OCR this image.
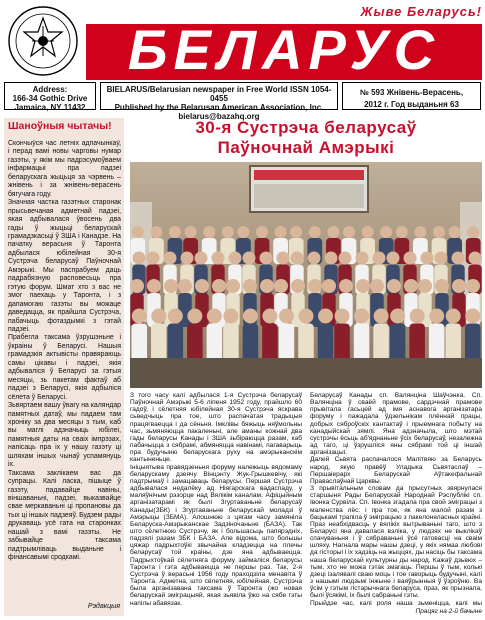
Жыве Беларусь!
БЕЛАРУС
Address:
166-34 Gothic Drive
Jamaica, NY 11432
BIELARUS/Belarusian newspaper in Free World ISSN 1054-0455
Published by the Belarusan American Association, Inc.
bielarus@bazahq.org
№ 593 Жнівень-Верасень,
2012 г. Год выданьня 63
Шаноўныя чытачы!
Скончыўся час летніх адпачынкаў, і перад вамі новы чарговы нумар газэты, у якім мы падрэсумоўваем інфармацыі пра падзеі беларускага жыцьця за чэрвень – жнівень і за жнівень-верасень бягучага году.
Значная частка газэтных старонак прысьвечаная адметнай падзеі, якая адбывалася ўвосень два гады ў жыцьці беларускай грамадзкасьці ў ЗША і Канадзе. На пачатку верасьня ў Таронта адбылася юбілейная 30-я Сустрэча беларусаў Паўночнай Амэрыкі. Мы паспрабуем даць падрабязную расповесьць пра гэтую форум. Шмат хто з вас не змог паехаць у Таронта, і з дапамогаю газэты вы можаце даведацца, як прайшла Сустрэча, пабачыць фотаздымкі з гэтай падзеі.
Прабегла таксама ўзрушэньне і ўкраіны ў Беларусі. Нашыя грамадзкія актывісты правяраюць самы цікавы і падзеі, якія адбываліся ў Беларусі за гэтыя месяцы, зь пакетам фактаў аб падзеі з Беларусі, якія адбыліся сёлета ў Беларусі.
Зьвяртаем вашу ўвагу на каляндар памятных датаў, мы падаем там хроніку за два месяцы з тым, каб вы маглі адзначыць юбілеі, памятныя даты на сваіх імпрэзах, напісаць пра іх у нашу газэту ці шляхам іншых чынаў успамянуць іх.
Таксама заклікаем вас да супрацы. Калі ласка, пішыце ў газэту, падавайце навіны, віншаваньні, падзеі, выказвайце свае меркаваньні ці пропановы да тых ці іншых падзеяў. Будзем рады друкаваць усё гата на старонках нашай з вамі газэты. Не забывайце таксама падтрымліваць выданьне і фінансавымі сродкамі.
Рэдакцыя
30-я Сустрэча беларусаў
Паўночнай Амэрыкі
З того часу калі адбылася 1-я Сустрэча беларусаў Паўночнай Амэрыкі 5-6 ліпеня 1952 году, прайшло 60 гадоў, і сёлетняя юбілейная 30-я Сустрэча яскрава сьведчыць пра тое, што распачатая традыцыя працягваецца і да сёньня. Імклівы бяжыць няўмольны час, зьмяняюцца пакаленьні, але аманы кожнай два гады беларусы Канады і ЗША зьбіраюцца разам, каб пабачыцца з сябрамі, абмяняцца навінамі, пагаварыць пра будучыню беларускага руху на амэрыканскім кантыненьце.
Ініцыятыва правядзеньня форуму належыць вядомаму беларускаму дзеячу Вінцэнту Жук-Грышкевічу, які падтрымаў і замацаваць беларусы. Першая Сустрэча адбывалася недалёку ад Ніягарскага вадаспаду, у маляўнічым рэзорце над Вялікім каналам. Афіцыйным арганізатарамі як былі Згуртаваньне беларусаў Канады(ЗБК) і Згуртаваньне беларускай моладзі ў Амэрыцы (ЗБМА). Апошнюю з цягам часу замяніла Беларуска-Амэрыканскае Задзіночаньне (БАЗА). Так што сёлетнюю Сустрэчу, як і большасьць папярэдніх, падзялі разам ЗБК і БАЗА. Але відома, што большы цяжар падрыхтоўкі звычайна кладзецца на плечы беларусаў той краіны, дзе яна адбываецца. Падрыхтоўкай сёлетняга форуму займаліся беларусы Таронта і гэта адбываецца не першы раз. Так, 2-я Сустрэча ў верасьні 1956 году праходзіла менавіта ў Таронта. Адметна, што сёлетняя, юбілейная, Сустрэча была арганізавана таксама ў Таронта (жо новая беларускай эміграцыяй, якая зьявіла ўжо на сябе гэты напілы абавязак.

Беларусаў Канады сп. Валянціна Шаўчэнка. Сп. Валянціна ў сваёй прамове, сардэчнай прамове прывітала гасьцей ад імя аснавога арганізатара форуму і пажадала ўдзельнікам плённай працы, добрых сяброўскіх кантактаў і прыемнага побыту на канадыйскай зямлі. Яна адзначыла, што мэтай сустрэчы ёсьць аб'яднаньне ўсіх беларусаў, незалежна ад таго, ці ўзрушліся яны сябрамі той ці іншай арганізацыі.
Далей Сьвята распачалося Малітвяю за Беларусь народ, якую правёў Уладыка Сьвятаслаў – Першаіерарх Беларускай Аўтакефальнай Праваслаўнай Царквы.
З прывітальным словам да прысутных звярнулася старшыня Рады Беларускай Народнай Рэспублікі сп. Івонка Сурвіла. Сп. Івонка згадала пра свой эміграцыі з маленства лёс: і пра тое, як яна малой разам з бацькамі трапіла ў эміграцыю з пакелонеласных крайні. Праз неабхідвасць у вялікіх вытрываньні таго, што з Беларусі яна давалася вэліка, у людзях не выклікаў спачуваньня і ў сябраваньні ўсё гатовасці на сваім шляху. Нагнала мары нашы дзеці, у якіх нямаа любові да гісторыі і іх хадзіць на жыццях, ды насіць бы таксама наша беларускай культурны ды народ. Кажаў дзьвюх – тым, хто не можа гэтак змагаць. Першы ў тым, колькі дзеці ізалявалі сваю моць і тое гаворыць будучыні, калі з нашымі людзьмі інжыне і ваяўрынныя ў ўзроўню. Ва ўсім у гэтым гістарычнага беларуса, праз, як прызнала, былі ўсякімі, іх былі сабраньні гэты.
Прыйдзе час, калі роля наша зьменіцца, калі мы
Працяг на 2-й бачыне
